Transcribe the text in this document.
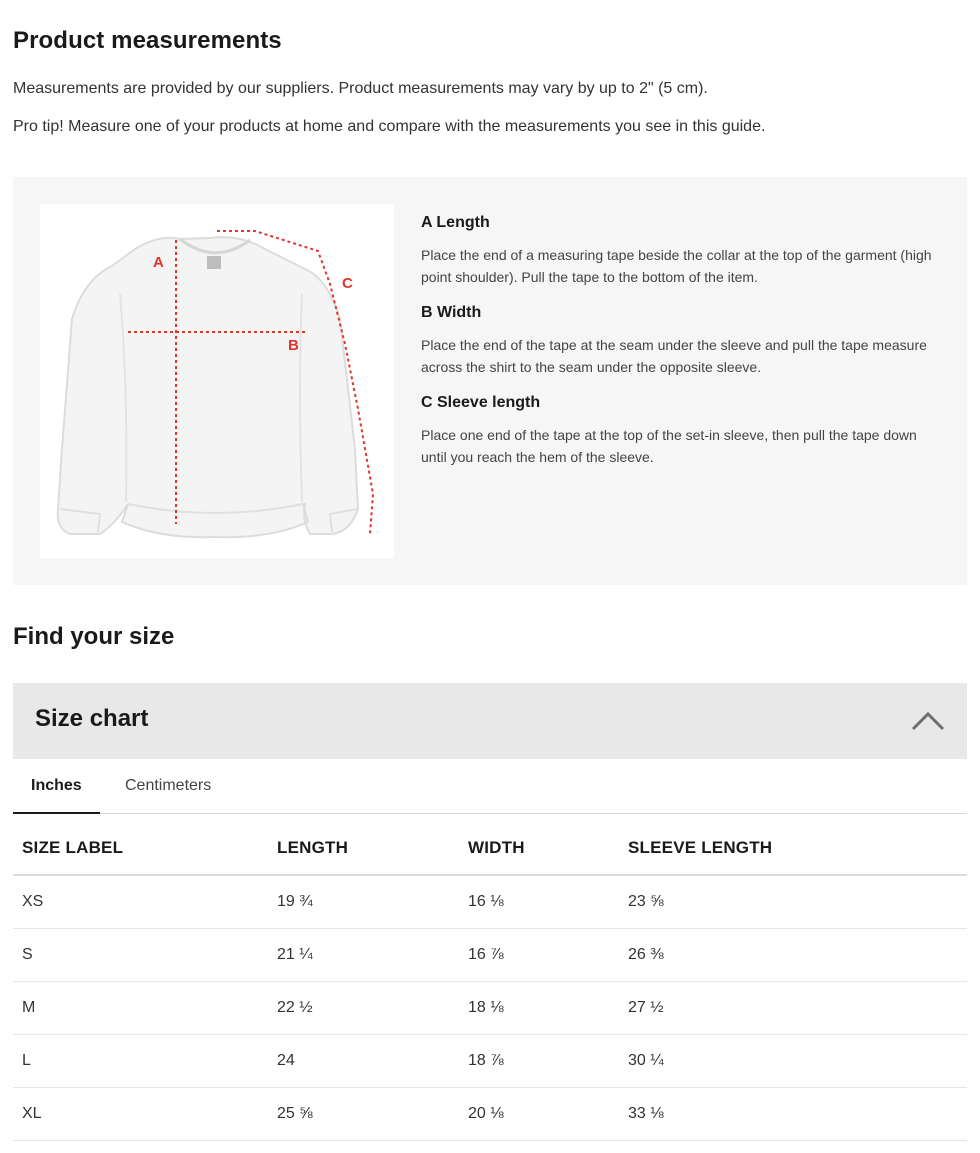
Product measurements

Measurements are provided by our suppliers. Product measurements may vary by up to 2" (5 cm).

Pro tip! Measure one of your products at home and compare with the measurements you see in this guide.

A
B
C
A Length
Place the end of a measuring tape beside the collar at the top of the garment (high point shoulder). Pull the tape to the bottom of the item.
B Width
Place the end of the tape at the seam under the sleeve and pull the tape measure across the shirt to the seam under the opposite sleeve.
C Sleeve length
Place one end of the tape at the top of the set-in sleeve, then pull the tape down until you reach the hem of the sleeve.
Find your size
Size chart
Inches	Centimeters
SIZE LABEL	LENGTH	WIDTH	SLEEVE LENGTH
XS	19 ¾	16 ⅛	23 ⅝
S	21 ¼	16 ⅞	26 ⅜
M	22 ½	18 ⅛	27 ½
L	24	18 ⅞	30 ¼
XL	25 ⅝	20 ⅛	33 ⅛
